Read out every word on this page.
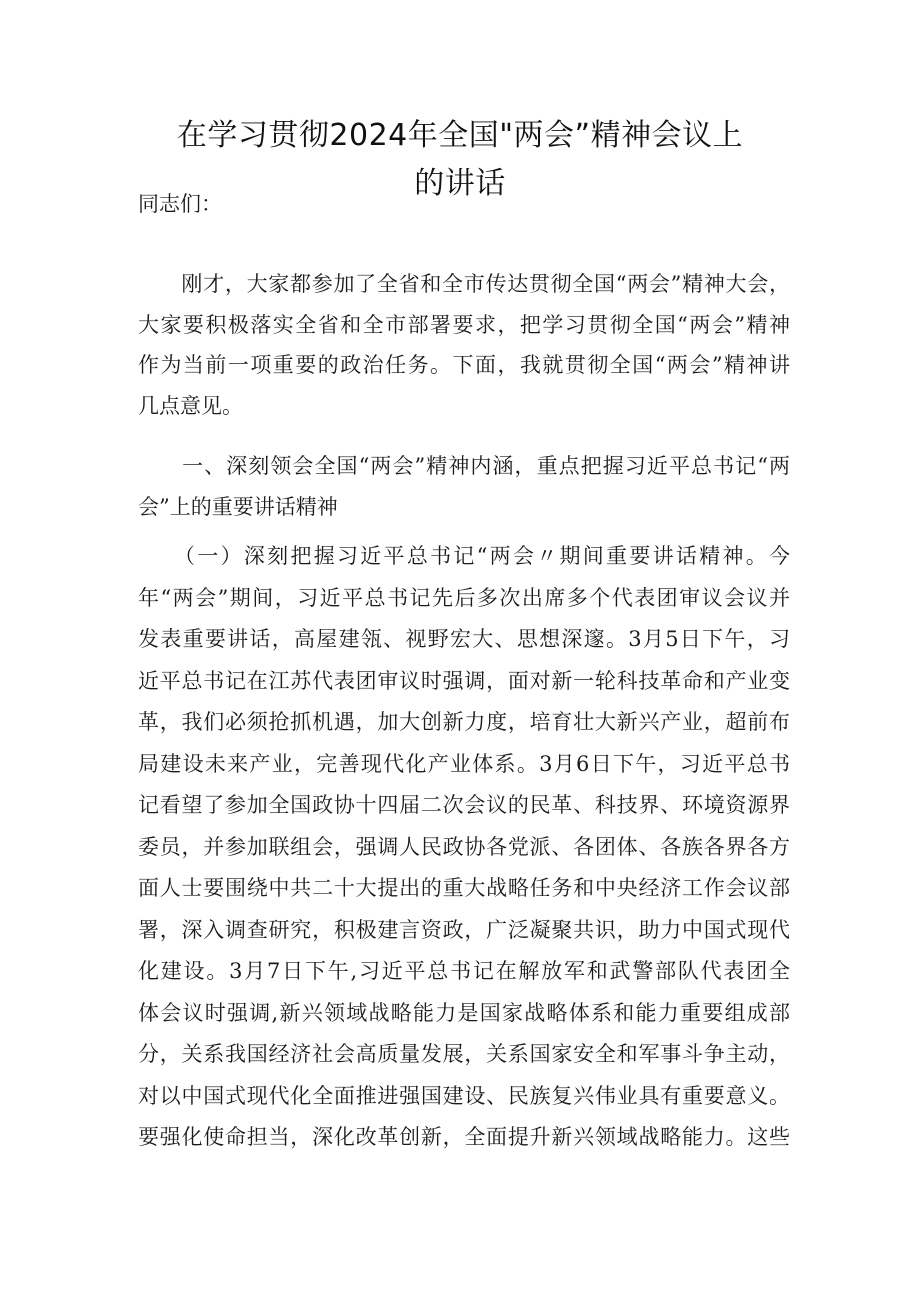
在学习贯彻2024年全国"两会”精神会议上
的讲话
同志们：
　　刚才，大家都参加了全省和全市传达贯彻全国“两会”精神大会，
大家要积极落实全省和全市部署要求，把学习贯彻全国“两会”精神
作为当前一项重要的政治任务。下面，我就贯彻全国“两会”精神讲
几点意见。
　　一、深刻领会全国“两会”精神内涵，重点把握习近平总书记“两
会”上的重要讲话精神
　　（一）深刻把握习近平总书记“两会〃期间重要讲话精神。今
年“两会”期间，习近平总书记先后多次出席多个代表团审议会议并
发表重要讲话，高屋建瓴、视野宏大、思想深邃。3月5日下午，习
近平总书记在江苏代表团审议时强调，面对新一轮科技革命和产业变
革，我们必须抢抓机遇，加大创新力度，培育壮大新兴产业，超前布
局建设未来产业，完善现代化产业体系。3月6日下午，习近平总书
记看望了参加全国政协十四届二次会议的民革、科技界、环境资源界
委员，并参加联组会，强调人民政协各党派、各团体、各族各界各方
面人士要围绕中共二十大提出的重大战略任务和中央经济工作会议部
署，深入调查研究，积极建言资政，广泛凝聚共识，助力中国式现代
化建设。3月7日下午,习近平总书记在解放军和武警部队代表团全
体会议时强调,新兴领域战略能力是国家战略体系和能力重要组成部
分，关系我国经济社会高质量发展，关系国家安全和军事斗争主动，
对以中国式现代化全面推进强国建设、民族复兴伟业具有重要意义。
要强化使命担当，深化改革创新，全面提升新兴领域战略能力。这些
